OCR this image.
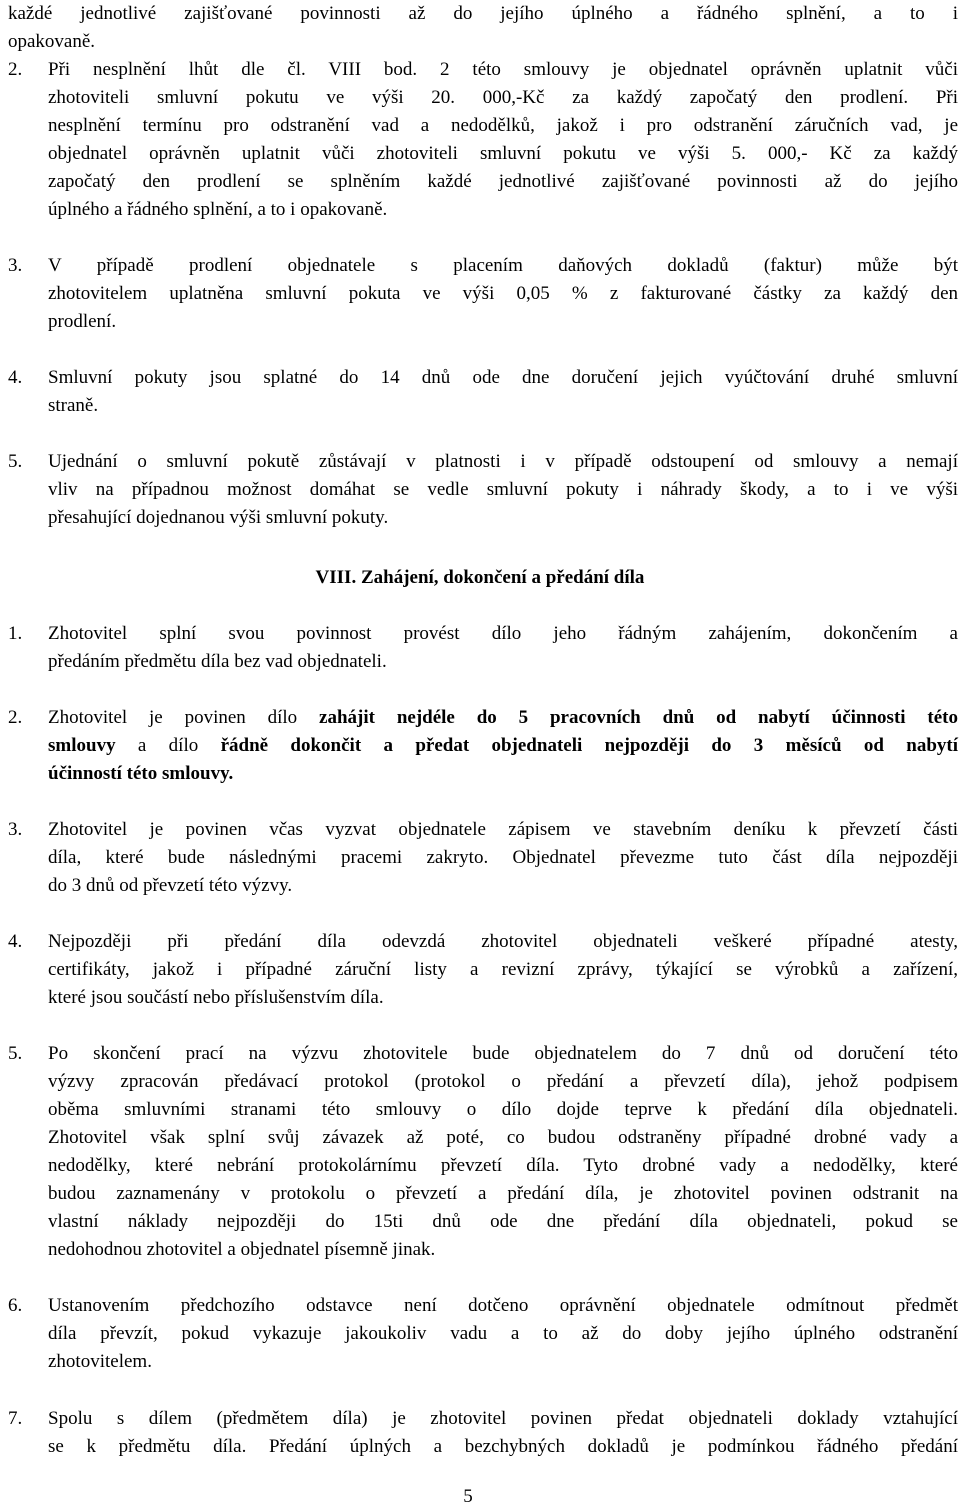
každé jednotlivé zajišťované povinnosti až do jejího úplného a řádného splnění, a to i
opakovaně.
2. Při nesplnění lhůt dle čl. VIII bod. 2 této smlouvy je objednatel oprávněn uplatnit vůči
zhotoviteli smluvní pokutu ve výši 20. 000,-Kč za každý započatý den prodlení. Při
nesplnění termínu pro odstranění vad a nedodělků, jakož i pro odstranění záručních vad, je
objednatel oprávněn uplatnit vůči zhotoviteli smluvní pokutu ve výši 5. 000,- Kč za každý
započatý den prodlení se splněním každé jednotlivé zajišťované povinnosti až do jejího
úplného a řádného splnění, a to i opakovaně.
3. V případě prodlení objednatele s placením daňových dokladů (faktur) může být
zhotovitelem uplatněna smluvní pokuta ve výši 0,05 % z fakturované částky za každý den
prodlení.
4. Smluvní pokuty jsou splatné do 14 dnů ode dne doručení jejich vyúčtování druhé smluvní
straně.
5. Ujednání o smluvní pokutě zůstávají v platnosti i v případě odstoupení od smlouvy a nemají
vliv na případnou možnost domáhat se vedle smluvní pokuty i náhrady škody, a to i ve výši
přesahující dojednanou výši smluvní pokuty.
VIII. Zahájení, dokončení a předání díla
1. Zhotovitel splní svou povinnost provést dílo jeho řádným zahájením, dokončením a
předáním předmětu díla bez vad objednateli.
2. Zhotovitel je povinen dílo zahájit nejdéle do 5 pracovních dnů od nabytí účinnosti této
smlouvy a dílo řádně dokončit a předat objednateli nejpozději do 3 měsíců od nabytí
účinností této smlouvy.
3. Zhotovitel je povinen včas vyzvat objednatele zápisem ve stavebním deníku k převzetí části
díla, které bude následnými pracemi zakryto. Objednatel převezme tuto část díla nejpozději
do 3 dnů od převzetí této výzvy.
4. Nejpozději při předání díla odevzdá zhotovitel objednateli veškeré případné atesty,
certifikáty, jakož i případné záruční listy a revizní zprávy, týkající se výrobků a zařízení,
které jsou součástí nebo příslušenstvím díla.
5. Po skončení prací na výzvu zhotovitele bude objednatelem do 7 dnů od doručení této
výzvy zpracován předávací protokol (protokol o předání a převzetí díla), jehož podpisem
oběma smluvními stranami této smlouvy o dílo dojde teprve k předání díla objednateli.
Zhotovitel však splní svůj závazek až poté, co budou odstraněny případné drobné vady a
nedodělky, které nebrání protokolárnímu převzetí díla. Tyto drobné vady a nedodělky, které
budou zaznamenány v protokolu o převzetí a předání díla, je zhotovitel povinen odstranit na
vlastní náklady nejpozději do 15ti dnů ode dne předání díla objednateli, pokud se
nedohodnou zhotovitel a objednatel písemně jinak.
6. Ustanovením předchozího odstavce není dotčeno oprávnění objednatele odmítnout předmět
díla převzít, pokud vykazuje jakoukoliv vadu a to až do doby jejího úplného odstranění
zhotovitelem.
7. Spolu s dílem (předmětem díla) je zhotovitel povinen předat objednateli doklady vztahující
se k předmětu díla. Předání úplných a bezchybných dokladů je podmínkou řádného předání
5
